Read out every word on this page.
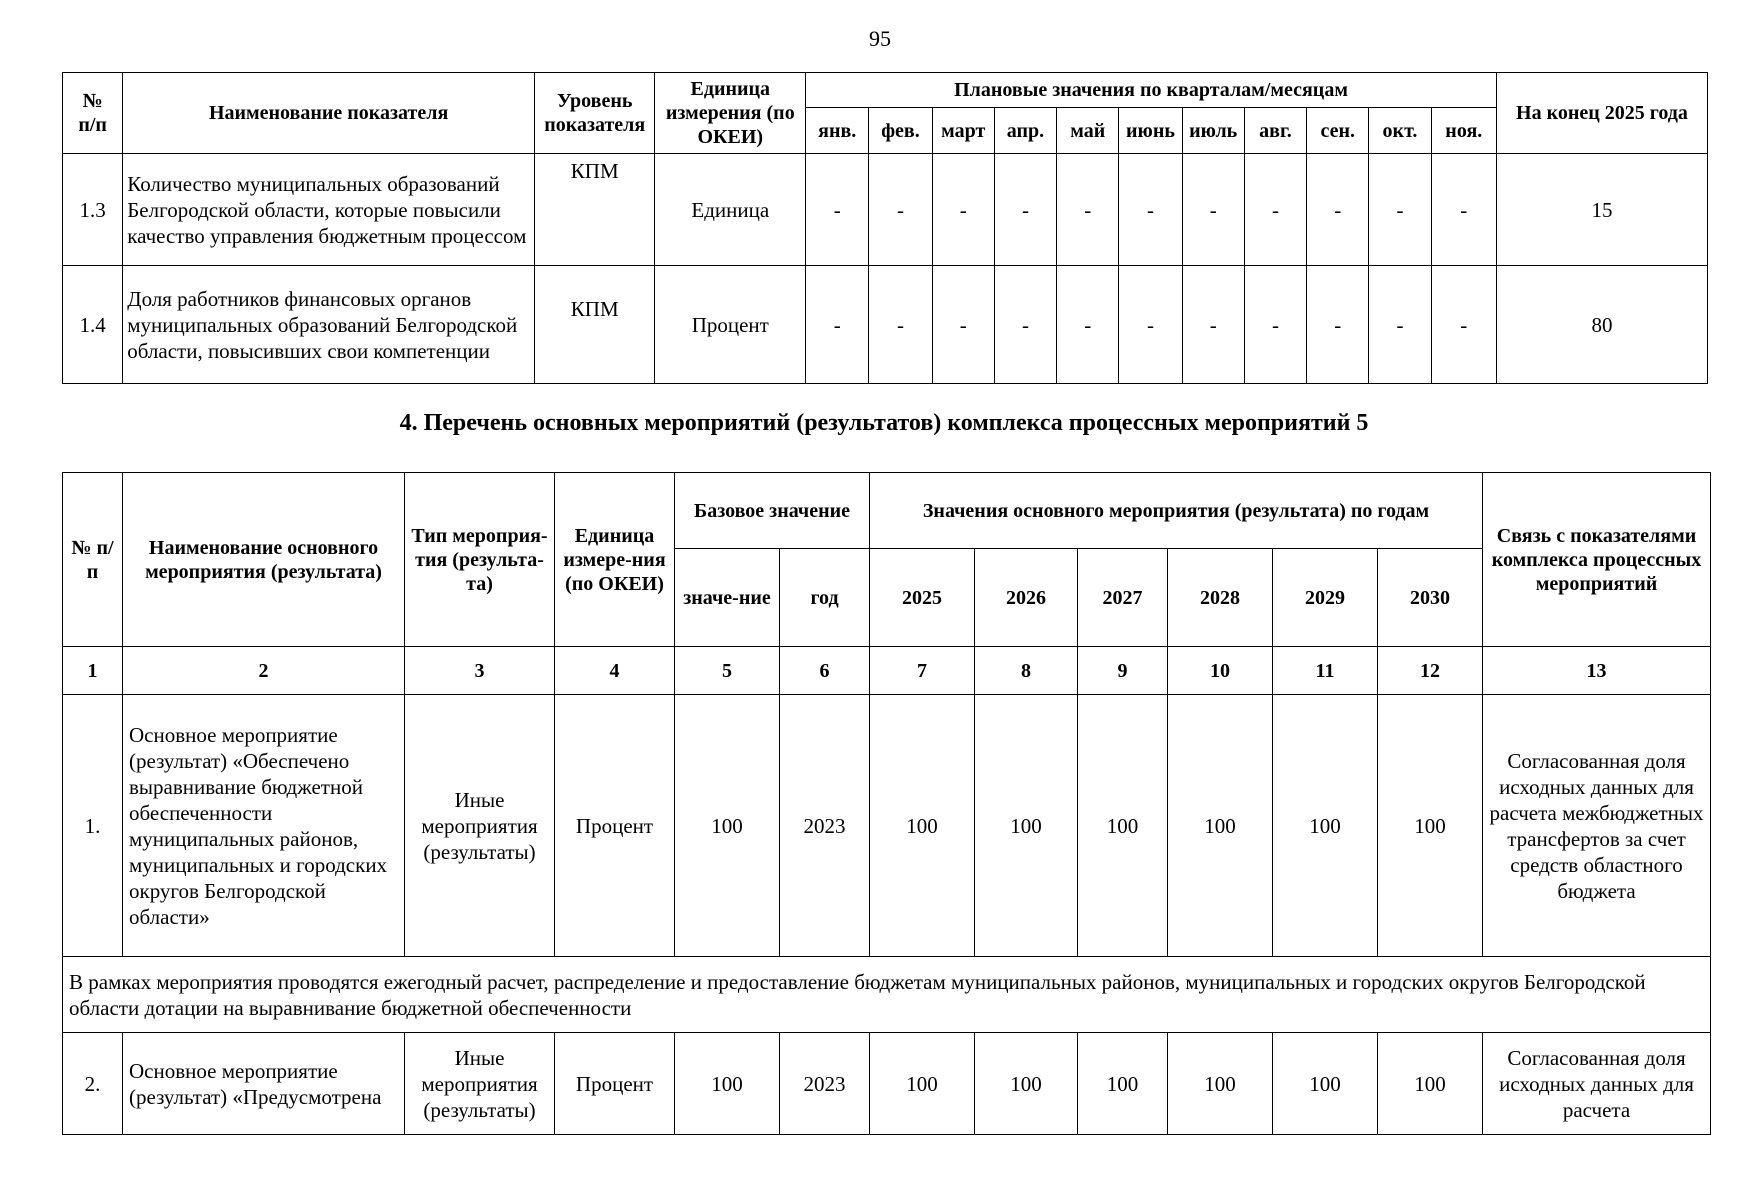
95
№
п/п	Наименование показателя	Уровень показателя	Единица измерения (по ОКЕИ)	Плановые значения по кварталам/месяцам											На конец 2025 года
				янв.	фев.	март	апр.	май	июнь	июль	авг.	сен.	окт.	ноя.	
1.3	Количество муниципальных образований Белгородской области, которые повысили качество управления бюджетным процессом	КПМ	Единица	-	-	-	-	-	-	-	-	-	-	-	15
1.4	Доля работников финансовых органов муниципальных образований Белгородской области, повысивших свои компетенции	КПМ	Процент	-	-	-	-	-	-	-	-	-	-	-	80
4. Перечень основных мероприятий (результатов) комплекса процессных мероприятий 5
№ п/п	Наименование основного мероприятия (результата)	Тип мероприя-тия (результа-та)	Единица измере-ния (по ОКЕИ)	Базовое значение		Значения основного мероприятия (результата) по годам						Связь с показателями комплекса процессных мероприятий
				значе-ние	год	2025	2026	2027	2028	2029	2030	
1	2	3	4	5	6	7	8	9	10	11	12	13
1.	Основное мероприятие (результат) «Обеспечено выравнивание бюджетной обеспеченности муниципальных районов, муниципальных и городских округов Белгородской области»	Иные мероприятия (результаты)	Процент	100	2023	100	100	100	100	100	100	Согласованная доля исходных данных для расчета межбюджетных трансфертов за счет средств областного бюджета
В рамках мероприятия проводятся ежегодный расчет, распределение и предоставление бюджетам муниципальных районов, муниципальных и городских округов Белгородской области дотации на выравнивание бюджетной обеспеченности												
2.	Основное мероприятие (результат) «Предусмотрена	Иные мероприятия (результаты)	Процент	100	2023	100	100	100	100	100	100	Согласованная доля исходных данных для расчета
